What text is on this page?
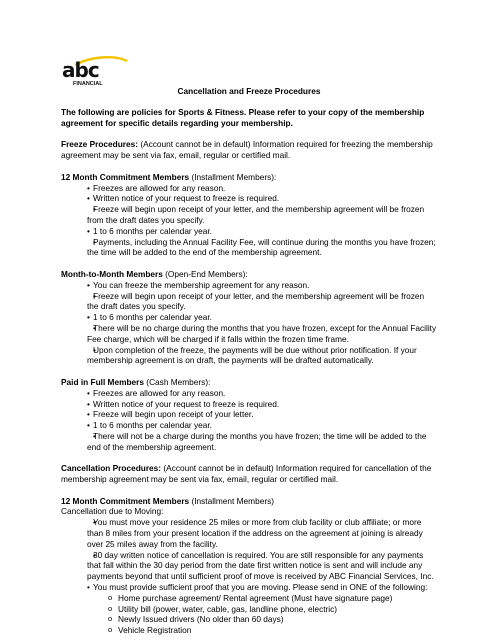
abc
FINANCIAL
Cancellation and Freeze Procedures

The following are policies for Sports & Fitness. Please refer to your copy of the membership agreement for specific details regarding your membership.

Freeze Procedures: (Account cannot be in default) Information required for freezing the membership agreement may be sent via fax, email, regular or certified mail.

12 Month Commitment Members (Installment Members):

• Freezes are allowed for any reason.
• Written notice of your request to freeze is required.
• Freeze will begin upon receipt of your letter, and the membership agreement will be frozen from the draft dates you specify.
• 1 to 6 months per calendar year.
• Payments, including the Annual Facility Fee, will continue during the months you have frozen; the time will be added to the end of the membership agreement.

Month-to-Month Members (Open-End Members):

• You can freeze the membership agreement for any reason.
• Freeze will begin upon receipt of your letter, and the membership agreement will be frozen the draft dates you specify.
• 1 to 6 months per calendar year.
• There will be no charge during the months that you have frozen, except for the Annual Facility Fee charge, which will be charged if it falls within the frozen time frame.
• Upon completion of the freeze, the payments will be due without prior notification. If your membership agreement is on draft, the payments will be drafted automatically.

Paid in Full Members (Cash Members):

• Freezes are allowed for any reason.
• Written notice of your request to freeze is required.
• Freeze will begin upon receipt of your letter.
• 1 to 6 months per calendar year.
• There will not be a charge during the months you have frozen; the time will be added to the end of the membership agreement.

Cancellation Procedures: (Account cannot be in default) Information required for cancellation of the membership agreement may be sent via fax, email, regular or certified mail.

12 Month Commitment Members (Installment Members)

Cancellation due to Moving:

• You must move your residence 25 miles or more from club facility or club affiliate; or more than 8 miles from your present location if the address on the agreement at joining is already over 25 miles away from the facility.
• 30 day written notice of cancellation is required. You are still responsible for any payments that fall within the 30 day period from the date first written notice is sent and will include any payments beyond that until sufficient proof of move is received by ABC Financial Services, Inc.
• You must provide sufficient proof that you are moving. Please send in ONE of the following:
o Home purchase agreement/ Rental agreement (Must have signature page)
o Utility bill (power, water, cable, gas, landline phone, electric)
o Newly Issued drivers (No older than 60 days)
o Vehicle Registration
